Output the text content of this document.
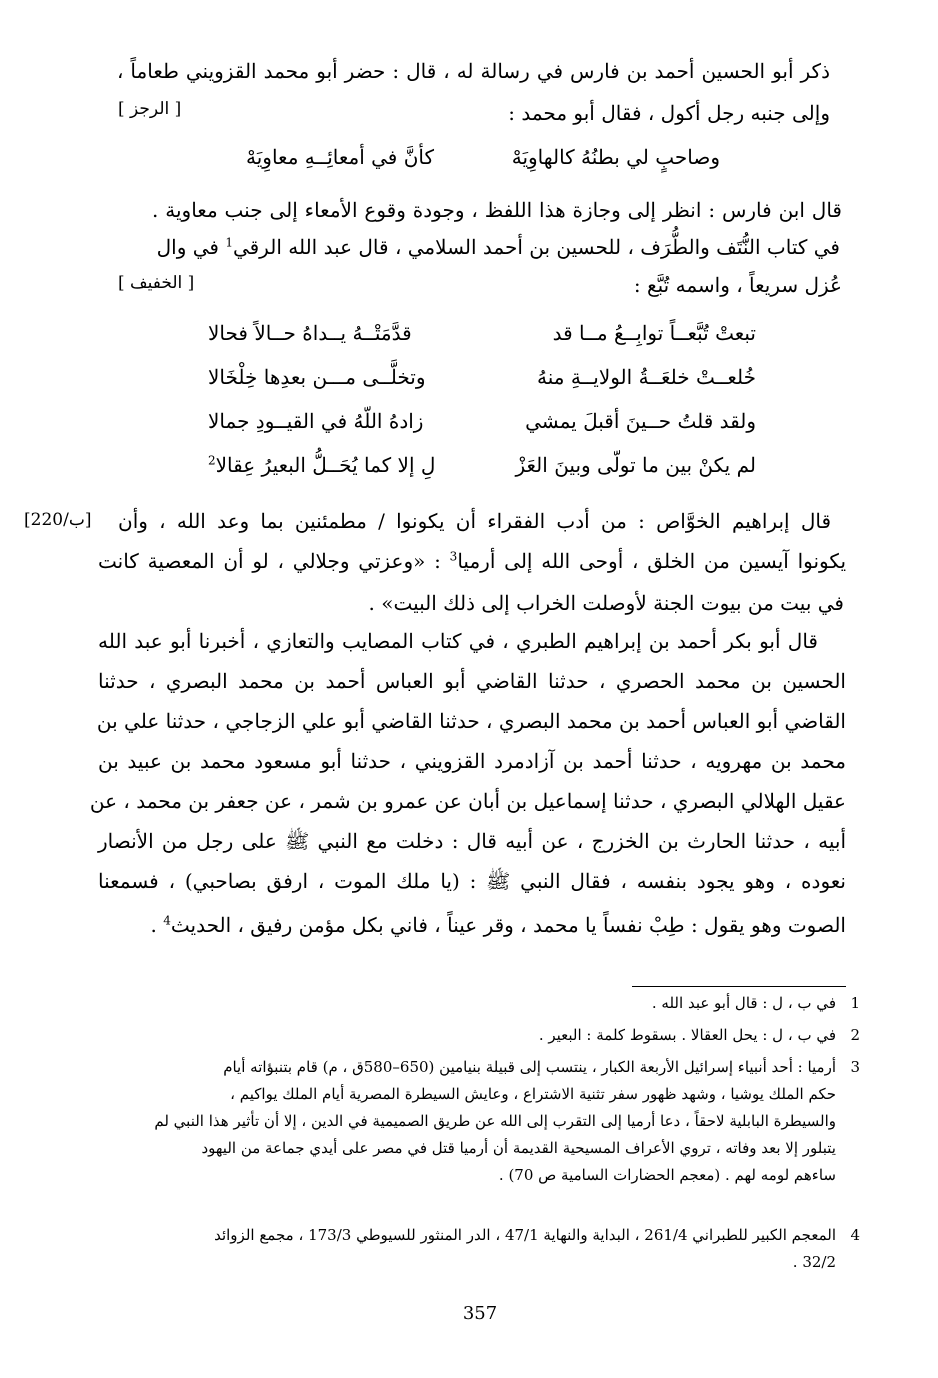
ذكر أبو الحسين أحمد بن فارس في رسالة له ، قال : حضر أبو محمد القزويني طعاماً ،
وإلى جنبه رجل أكول ، فقال أبو محمد :
[ الرجز ]
وصاحبٍ لي بطنُهُ كالهاوِيَهْ
كأنَّ في أمعائِــهِ معاوِيَهْ
قال ابن فارس : انظر إلى وجازة هذا اللفظ ، وجودة وقوع الأمعاء إلى جنب معاوية .
في كتاب النُّتَف والطُّرَف ، للحسين بن أحمد السلامي ، قال عبد الله الرقي$^1$ في وال
عُزل سريعاً ، واسمه تُبَّع :
[ الخفيف ]
تبعتْ تُبَّعــاً توابِــعُ مــا قد
قدَّمَتْــهُ يــداهُ حــالاً فحالا
خُلعــتْ خلعَــةُ الولايــةِ منهُ
وتخلَّــى مـــن بعدِها خِلْخَالا
ولقد قلتُ حــينَ أقبلَ يمشي
زادهُ اللّهُ في القيــودِ جمالا
لم يكنْ بين ما تولّى وبينَ العَزْ
لِ إلا كما يُحَــلُّ البعيرُ عِقالا$^2$
[220/ب] قال إبراهيم الخوَّاص : من أدب الفقراء أن يكونوا / مطمئنين بما وعد الله ، وأن
يكونوا آيسين من الخلق ، أوحى الله إلى أرميا$^3$ : «وعزتي وجلالي ، لو أن المعصية كانت
في بيت من بيوت الجنة لأوصلت الخراب إلى ذلك البيت» .
قال أبو بكر أحمد بن إبراهيم الطبري ، في كتاب المصايب والتعازي ، أخبرنا أبو عبد الله
الحسين بن محمد الحصري ، حدثنا القاضي أبو العباس أحمد بن محمد البصري ، حدثنا
القاضي أبو العباس أحمد بن محمد البصري ، حدثنا القاضي أبو علي الزجاجي ، حدثنا علي بن
محمد بن مهرويه ، حدثنا أحمد بن آزادمرد القزويني ، حدثنا أبو مسعود محمد بن عبيد بن
عقيل الهلالي البصري ، حدثنا إسماعيل بن أبان عن عمرو بن شمر ، عن جعفر بن محمد ، عن
أبيه ، حدثنا الحارث بن الخزرج ، عن أبيه قال : دخلت مع النبي ﷺ على رجل من الأنصار
نعوده ، وهو يجود بنفسه ، فقال النبي ﷺ : (يا ملك الموت ، ارفق بصاحبي) ، فسمعنا
الصوت وهو يقول : طِبْ نفساً يا محمد ، وقر عيناً ، فاني بكل مؤمن رفيق ، الحديث$^4$ .
1
في ب ، ل : قال أبو عبد الله .
2
في ب ، ل : يحل العقالا . بسقوط كلمة : البعير .
3
أرميا : أحد أنبياء إسرائيل الأربعة الكبار ، ينتسب إلى قبيلة بنيامين (650–580ق ، م) قام بتنبؤاته أيام
حكم الملك يوشيا ، وشهد ظهور سفر تثنية الاشتراع ، وعايش السيطرة المصرية أيام الملك يواكيم ،
والسيطرة البابلية لاحقاً ، دعا أرميا إلى التقرب إلى الله عن طريق الصميمية في الدين ، إلا أن تأثير هذا النبي لم
يتبلور إلا بعد وفاته ، تروي الأعراف المسيحية القديمة أن أرميا قتل في مصر على أيدي جماعة من اليهود
ساءهم لومه لهم . (معجم الحضارات السامية ص 70) .
4
المعجم الكبير للطبراني 261/4 ، البداية والنهاية 47/1 ، الدر المنثور للسيوطي 173/3 ، مجمع الزوائد
32/2 .
357
